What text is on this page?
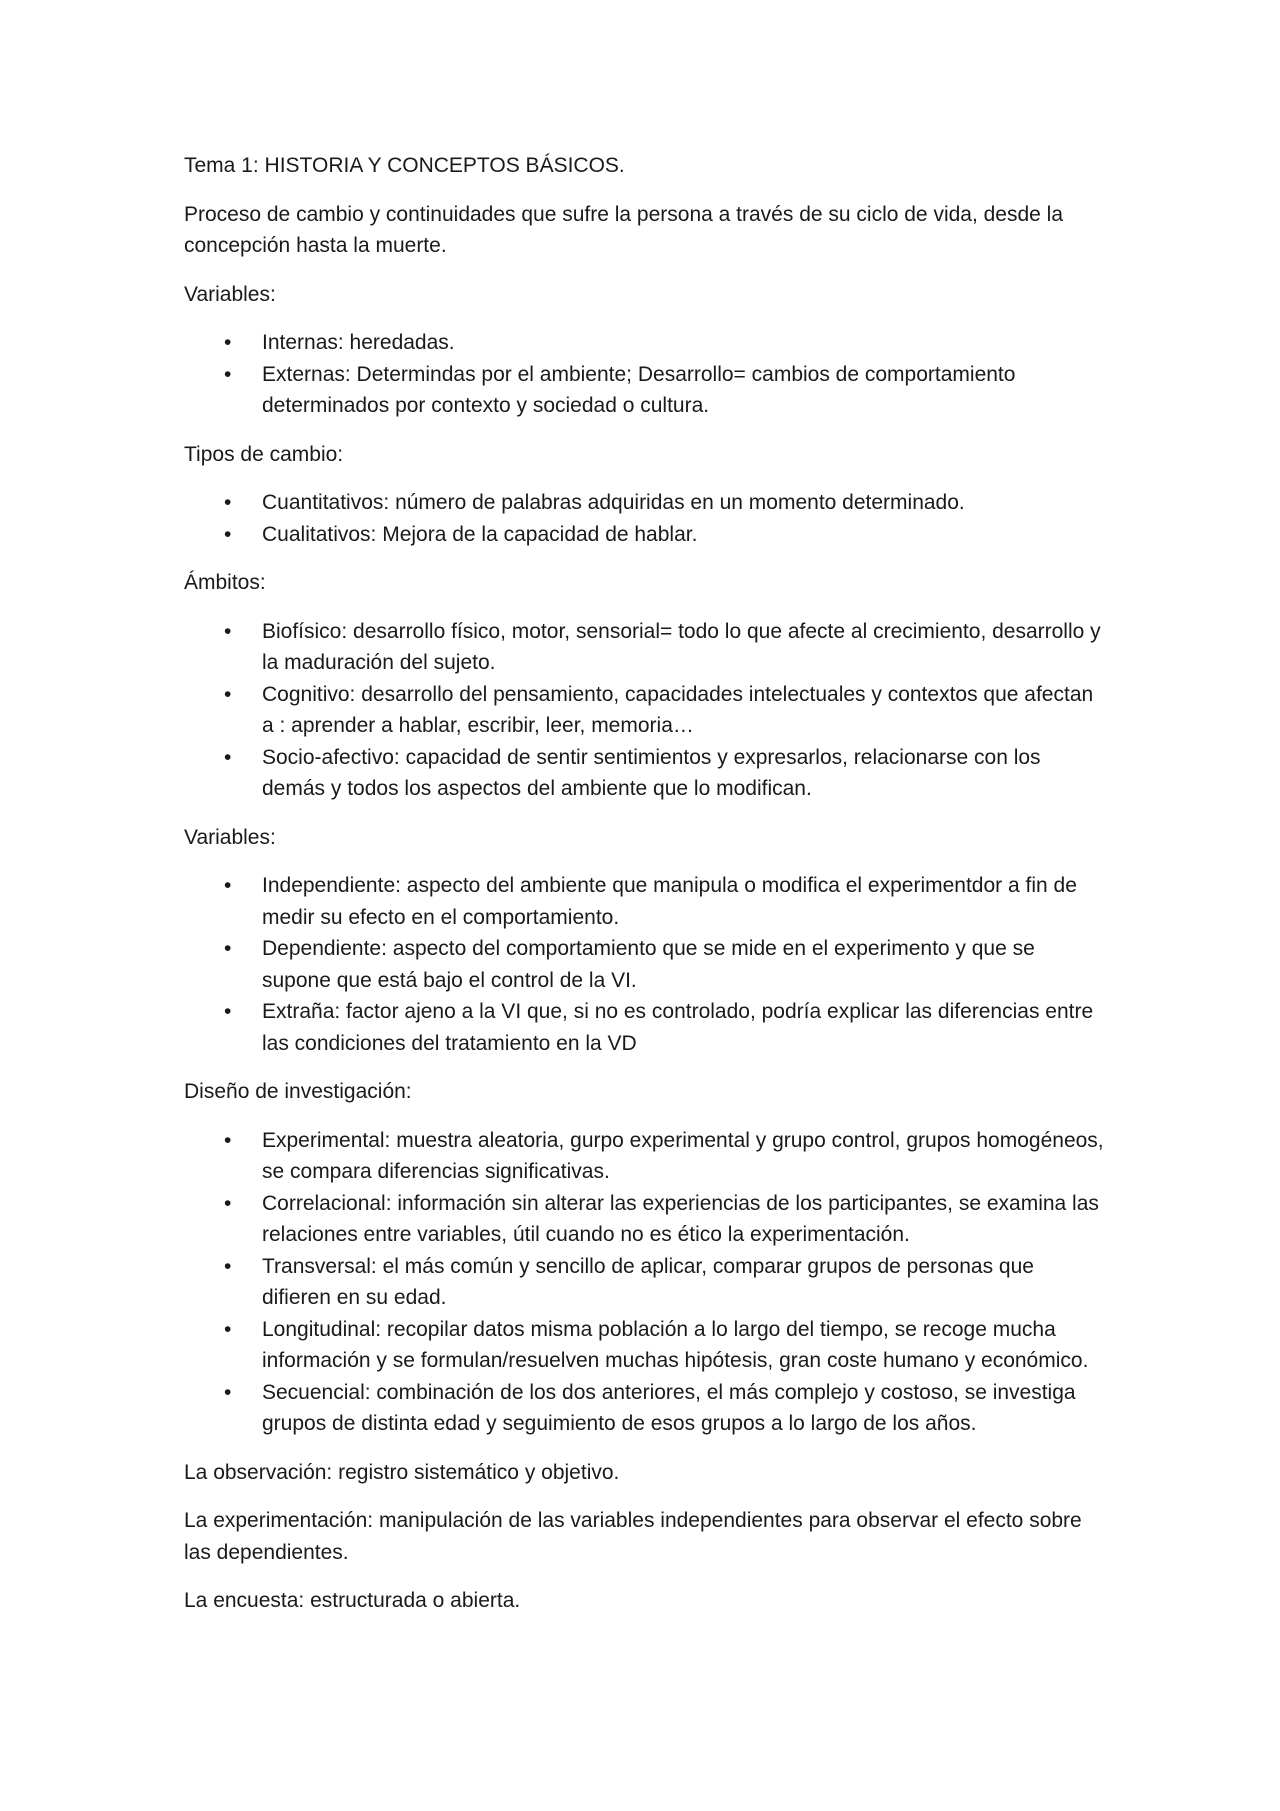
Tema 1: HISTORIA Y CONCEPTOS BÁSICOS.

Proceso de cambio y continuidades que sufre la persona a través de su ciclo de vida, desde la concepción hasta la muerte.

Variables:

• Internas: heredadas.
• Externas: Determindas por el ambiente; Desarrollo= cambios de comportamiento determinados por contexto y sociedad o cultura.

Tipos de cambio:

• Cuantitativos: número de palabras adquiridas en un momento determinado.
• Cualitativos: Mejora de la capacidad de hablar.

Ámbitos:

• Biofísico: desarrollo físico, motor, sensorial= todo lo que afecte al crecimiento, desarrollo y la maduración del sujeto.
• Cognitivo: desarrollo del pensamiento, capacidades intelectuales y contextos que afectan a : aprender a hablar, escribir, leer, memoria…
• Socio-afectivo: capacidad de sentir sentimientos y expresarlos, relacionarse con los demás y todos los aspectos del ambiente que lo modifican.

Variables:

• Independiente: aspecto del ambiente que manipula o modifica el experimentdor a fin de medir su efecto en el comportamiento.
• Dependiente: aspecto del comportamiento que se mide en el experimento y que se supone que está bajo el control de la VI.
• Extraña: factor ajeno a la VI que, si no es controlado, podría explicar las diferencias entre las condiciones del tratamiento en la VD

Diseño de investigación:

• Experimental: muestra aleatoria, gurpo experimental y grupo control, grupos homogéneos, se compara diferencias significativas.
• Correlacional: información sin alterar las experiencias de los participantes, se examina las relaciones entre variables, útil cuando no es ético la experimentación.
• Transversal: el más común y sencillo de aplicar, comparar grupos de personas que difieren en su edad.
• Longitudinal: recopilar datos misma población a lo largo del tiempo, se recoge mucha información y se formulan/resuelven muchas hipótesis, gran coste humano y económico.
• Secuencial: combinación de los dos anteriores, el más complejo y costoso, se investiga grupos de distinta edad y seguimiento de esos grupos a lo largo de los años.

La observación: registro sistemático y objetivo.

La experimentación: manipulación de las variables independientes para observar el efecto sobre las dependientes.

La encuesta: estructurada o abierta.
